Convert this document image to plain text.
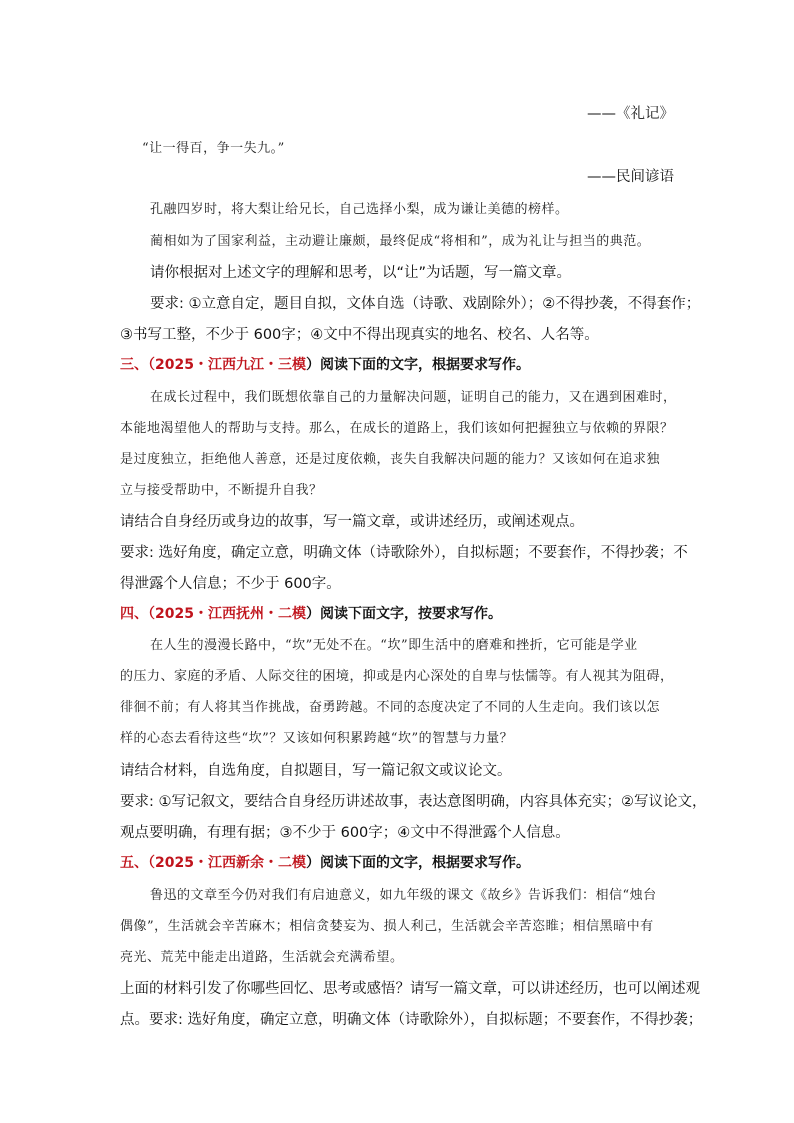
——《礼记》
“让一得百，争一失九。”
——民间谚语
孔融四岁时，将大梨让给兄长，自己选择小梨，成为谦让美德的榜样。
蔺相如为了国家利益，主动避让廉颇，最终促成“将相和”，成为礼让与担当的典范。
请你根据对上述文字的理解和思考，以“让”为话题，写一篇文章。
要求: ①立意自定，题目自拟，文体自选（诗歌、戏剧除外）；②不得抄袭，不得套作；
③书写工整，不少于 600字；④文中不得出现真实的地名、校名、人名等。
三、（2025・江西九江・三模）阅读下面的文字，根据要求写作。
在成长过程中，我们既想依靠自己的力量解决问题，证明自己的能力，又在遇到困难时，
本能地渴望他人的帮助与支持。那么，在成长的道路上，我们该如何把握独立与依赖的界限？
是过度独立，拒绝他人善意，还是过度依赖，丧失自我解决问题的能力？又该如何在追求独
立与接受帮助中，不断提升自我？
请结合自身经历或身边的故事，写一篇文章，或讲述经历，或阐述观点。
要求: 选好角度，确定立意，明确文体（诗歌除外），自拟标题；不要套作，不得抄袭；不
得泄露个人信息；不少于 600字。
四、（2025・江西抚州・二模）阅读下面文字，按要求写作。
在人生的漫漫长路中，“坎”无处不在。“坎”即生活中的磨难和挫折，它可能是学业
的压力、家庭的矛盾、人际交往的困境，抑或是内心深处的自卑与怯懦等。有人视其为阻碍，
徘徊不前；有人将其当作挑战，奋勇跨越。不同的态度决定了不同的人生走向。我们该以怎
样的心态去看待这些“坎”？又该如何积累跨越“坎”的智慧与力量？
请结合材料，自选角度，自拟题目，写一篇记叙文或议论文。
要求: ①写记叙文，要结合自身经历讲述故事，表达意图明确，内容具体充实；②写议论文，
观点要明确，有理有据；③不少于 600字；④文中不得泄露个人信息。
五、（2025・江西新余・二模）阅读下面的文字，根据要求写作。
鲁迅的文章至今仍对我们有启迪意义，如九年级的课文《故乡》告诉我们：相信“烛台
偶像”，生活就会辛苦麻木；相信贪婪妄为、损人利己，生活就会辛苦恣睢；相信黑暗中有
亮光、荒芜中能走出道路，生活就会充满希望。
上面的材料引发了你哪些回忆、思考或感悟？请写一篇文章，可以讲述经历，也可以阐述观
点。要求: 选好角度，确定立意，明确文体（诗歌除外），自拟标题；不要套作，不得抄袭；
